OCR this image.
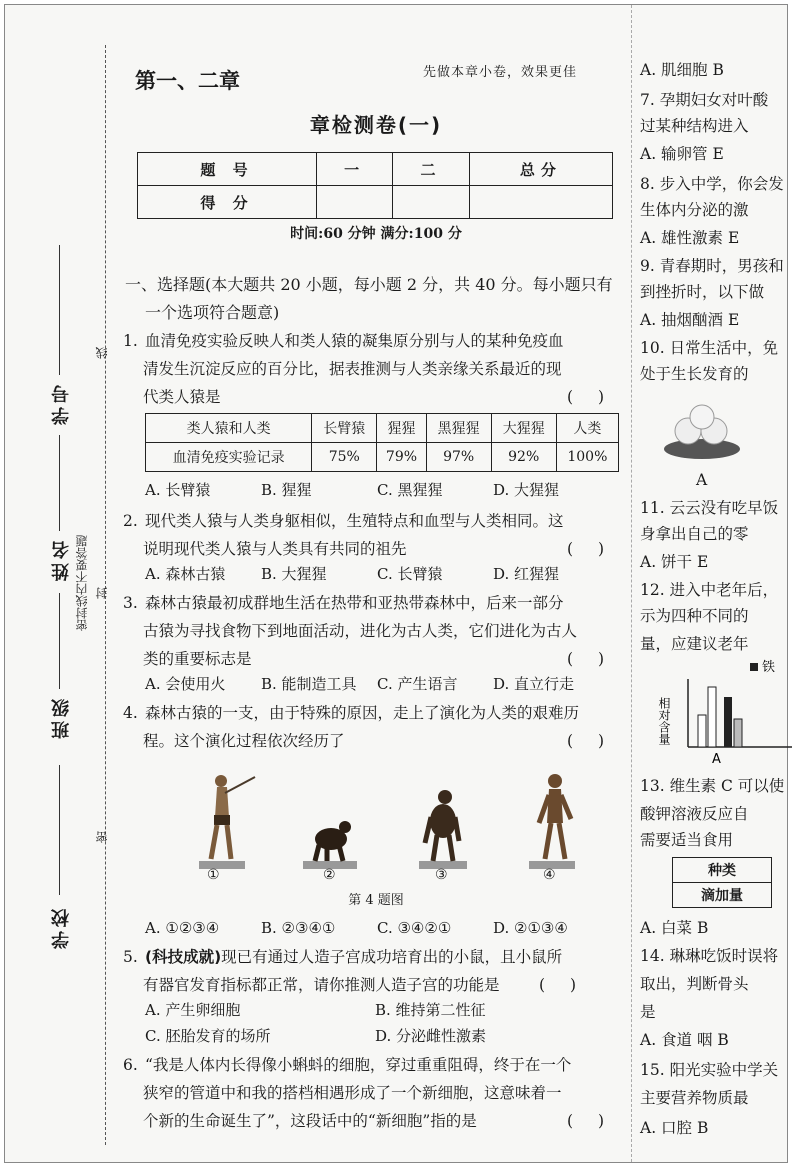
学校
班级
姓名
学号
密封线内不要答题
线
封
密
第一、二章	先做本章小卷，效果更佳
章检测卷(一)
题 号	一	二	总分
得 分			
时间:60 分钟 满分:100 分
一、选择题(本大题共 20 小题，每小题 2 分，共 40 分。每小题只有
一个选项符合题意)
1. 血清免疫实验反映人和类人猿的凝集原分别与人的某种免疫血
清发生沉淀反应的百分比，据表推测与人类亲缘关系最近的现
代类人猿是	( )
类人猿和人类	长臂猿	猩猩	黑猩猩	大猩猩	人类
血清免疫实验记录	75%	79%	97%	92%	100%
A. 长臂猿	B. 猩猩	C. 黑猩猩	D. 大猩猩
2. 现代类人猿与人类身躯相似，生殖特点和血型与人类相同。这
说明现代类人猿与人类具有共同的祖先	( )
A. 森林古猿	B. 大猩猩	C. 长臂猿	D. 红猩猩
3. 森林古猿最初成群地生活在热带和亚热带森林中，后来一部分
古猿为寻找食物下到地面活动，进化为古人类，它们进化为古人
类的重要标志是	( )
A. 会使用火	B. 能制造工具	C. 产生语言	D. 直立行走
4. 森林古猿的一支，由于特殊的原因，走上了演化为人类的艰难历
程。这个演化过程依次经历了	( )
①	②	③	④
第 4 题图
A. ①②③④	B. ②③④①	C. ③④②①	D. ②①③④
5. (科技成就)现已有通过人造子宫成功培育出的小鼠，且小鼠所
有器官发育指标都正常，请你推测人造子宫的功能是	( )
A. 产生卵细胞	B. 维持第二性征
C. 胚胎发育的场所	D. 分泌雌性激素
6. “我是人体内长得像小蝌蚪的细胞，穿过重重阻碍，终于在一个
狭窄的管道中和我的搭档相遇形成了一个新细胞，这意味着一
个新的生命诞生了”，这段话中的“新细胞”指的是	( )
A. 肌细胞 B
7. 孕期妇女对叶酸
过某种结构进入
A. 输卵管 E
8. 步入中学，你会发
生体内分泌的激
A. 雄性激素 E
9. 青春期时，男孩和
到挫折时，以下做
A. 抽烟酗酒 E
10. 日常生活中，免
处于生长发育的
A
11. 云云没有吃早饭
身拿出自己的零
A. 饼干 E
12. 进入中老年后，
示为四种不同的
量，应建议老年
铁
相对含量
A
13. 维生素 C 可以使
酸钾溶液反应自
需要适当食用
种类
滴加量
A. 白菜 B
14. 琳琳吃饭时误将
取出，判断骨头
是
A. 食道 咽 B
15. 阳光实验中学关
主要营养物质最
A. 口腔 B
